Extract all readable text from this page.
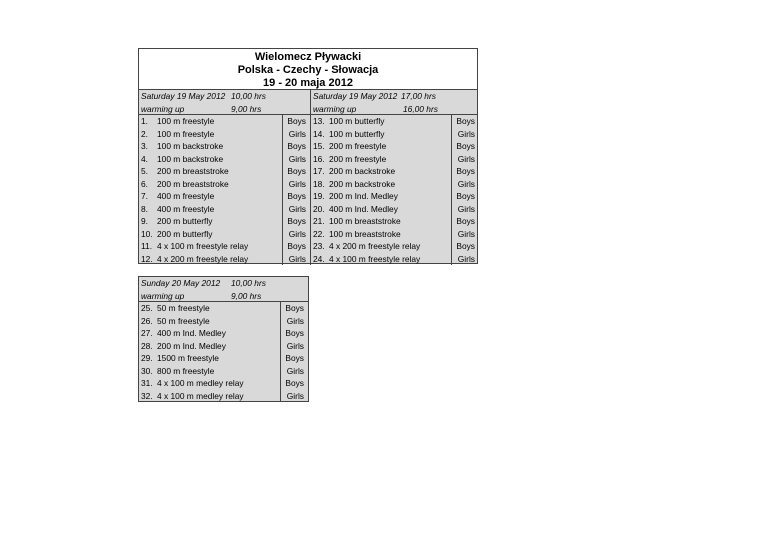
Wielomecz Pływacki
Polska - Czechy - Słowacja
19 - 20 maja 2012
Saturday 19 May 2012 10,00 hrs
warming up	9,00 hrs
1. 100 m freestyle	Boys
2. 100 m freestyle	Girls
3. 100 m backstroke	Boys
4. 100 m backstroke	Girls
5. 200 m breaststroke	Boys
6. 200 m breaststroke	Girls
7. 400 m freestyle	Boys
8. 400 m freestyle	Girls
9. 200 m butterfly	Boys
10. 200 m butterfly	Girls
11. 4 x 100 m freestyle relay	Boys
12. 4 x 200 m freestyle relay	Girls
Saturday 19 May 2012 17,00 hrs
warming up	16,00 hrs
13. 100 m butterfly	Boys
14. 100 m butterfly	Girls
15. 200 m freestyle	Boys
16. 200 m freestyle	Girls
17. 200 m backstroke	Boys
18. 200 m backstroke	Girls
19. 200 m Ind. Medley	Boys
20. 400 m Ind. Medley	Girls
21. 100 m breaststroke	Boys
22. 100 m breaststroke	Girls
23. 4 x 200 m freestyle relay	Boys
24. 4 x 100 m freestyle relay	Girls
Sunday 20 May 2012 10,00 hrs
warming up	9,00 hrs
25. 50 m freestyle	Boys
26. 50 m freestyle	Girls
27. 400 m Ind. Medley	Boys
28. 200 m Ind. Medley	Girls
29. 1500 m freestyle	Boys
30. 800 m freestyle	Girls
31. 4 x 100 m medley relay	Boys
32. 4 x 100 m medley relay	Girls
